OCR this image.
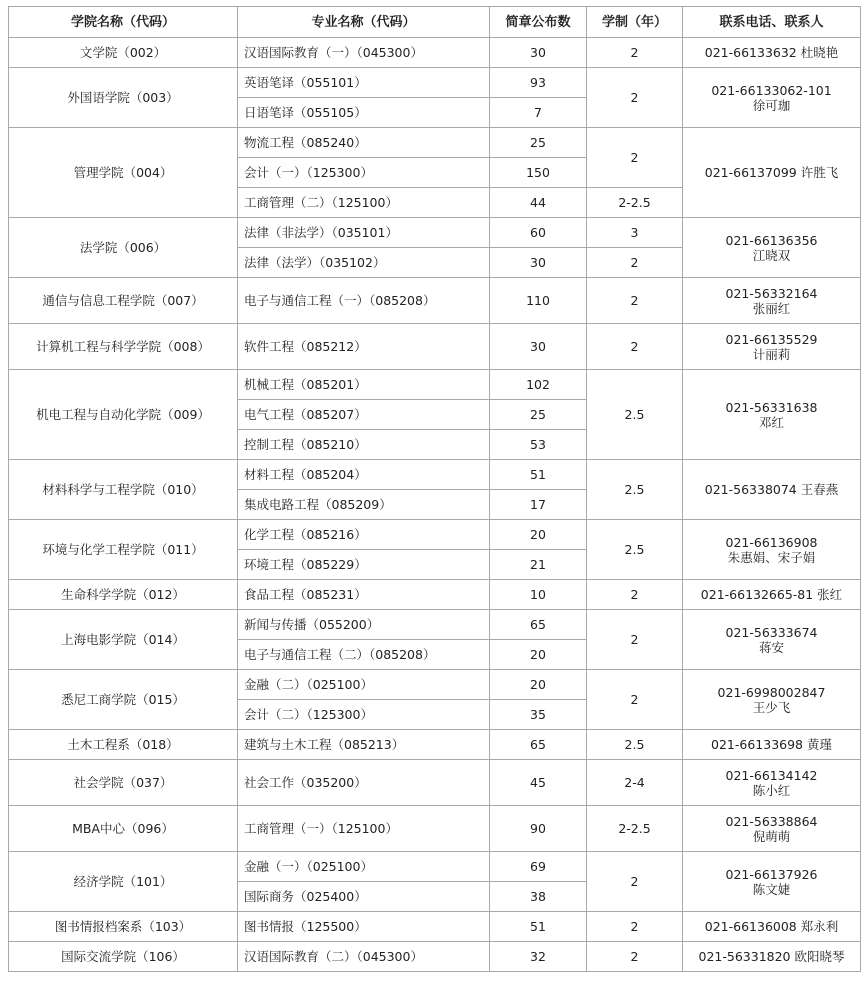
学院名称（代码）	专业名称（代码）	简章公布数	学制（年）	联系电话、联系人
文学院（002）	汉语国际教育（一）（045300）	30	2	021-66133632 杜晓艳

外国语学院（003）	英语笔译（055101）	93	2	021-66133062-101
徐可珈

	日语笔译（055105）	7		
管理学院（004）	物流工程（085240）	25	2	021-66137099 许胜飞

	会计（一）（125300）	150		
	工商管理（二）（125100）	44	2-2.5	
法学院（006）	法律（非法学）（035101）	60	3	021-66136356
江晓双

	法律（法学）（035102）	30	2	
通信与信息工程学院（007）	电子与通信工程（一）（085208）	110	2	021-56332164
张丽红

计算机工程与科学学院（008）	软件工程（085212）	30	2	021-66135529
计丽莉

机电工程与自动化学院（009）	机械工程（085201）	102	2.5	021-56331638
邓红

	电气工程（085207）	25		
	控制工程（085210）	53		
材料科学与工程学院（010）	材料工程（085204）	51	2.5	021-56338074 王春燕

	集成电路工程（085209）	17		
环境与化学工程学院（011）	化学工程（085216）	20	2.5	021-66136908
朱惠娟、宋子娟

	环境工程（085229）	21		
生命科学学院（012）	食品工程（085231）	10	2	021-66132665-81 张红

上海电影学院（014）	新闻与传播（055200）	65	2	021-56333674
蒋安

	电子与通信工程（二）（085208）	20		
悉尼工商学院（015）	金融（二）（025100）	20	2	021-6998002847
王少飞

	会计（二）（125300）	35		
土木工程系（018）	建筑与土木工程（085213）	65	2.5	021-66133698 黄瑾

社会学院（037）	社会工作（035200）	45	2-4	021-66134142
陈小红

MBA中心（096）	工商管理（一）（125100）	90	2-2.5	021-56338864
倪萌萌

经济学院（101）	金融（一）（025100）	69	2	021-66137926
陈文婕

	国际商务（025400）	38		
图书情报档案系（103）	图书情报（125500）	51	2	021-66136008 郑永利

国际交流学院（106）	汉语国际教育（二）（045300）	32	2	021-56331820 欧阳晓琴
